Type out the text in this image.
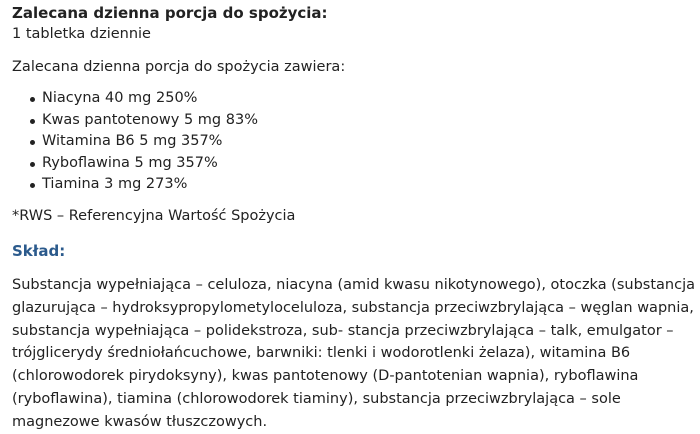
Zalecana dzienna porcja do spożycia:
1 tabletka dziennie
Zalecana dzienna porcja do spożycia zawiera:
Niacyna 40 mg 250%
Kwas pantotenowy 5 mg 83%
Witamina B6 5 mg 357%
Ryboflawina 5 mg 357%
Tiamina 3 mg 273%
*RWS – Referencyjna Wartość Spożycia
Skład:

Substancja wypełniająca – celuloza, niacyna (amid kwasu nikotynowego), otoczka (substancja
glazurująca – hydroksypropylometyloceluloza, substancja przeciwzbrylająca – węglan wapnia,
substancja wypełniająca – polidekstroza, sub- stancja przeciwzbrylająca – talk, emulgator –
trójglicerydy średniołańcuchowe, barwniki: tlenki i wodorotlenki żelaza), witamina B6
(chlorowodorek pirydoksyny), kwas pantotenowy (D-pantotenian wapnia), ryboflawina
(ryboflawina), tiamina (chlorowodorek tiaminy), substancja przeciwzbrylająca – sole
magnezowe kwasów tłuszczowych.
